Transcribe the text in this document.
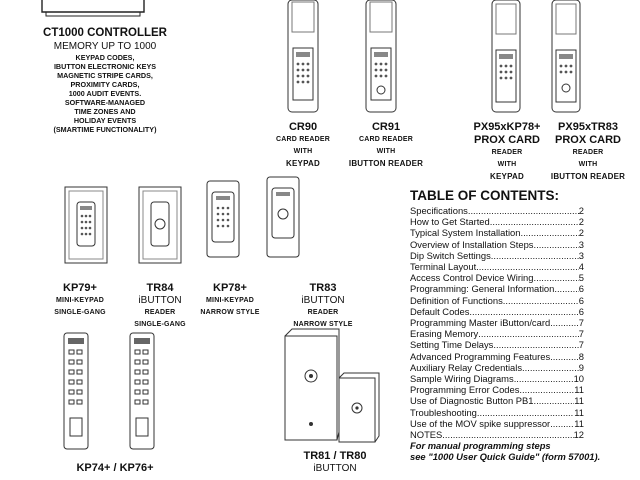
CT1000 CONTROLLER
MEMORY UP TO 1000
KEYPAD CODES,
IBUTTON ELECTRONIC KEYS
MAGNETIC STRIPE CARDS,
PROXIMITY CARDS,
1000 AUDIT EVENTS.
SOFTWARE-MANAGED
TIME ZONES AND
HOLIDAY EVENTS
(SMARTIME FUNCTIONALITY)	CR90
CARD READER
WITH
KEYPAD
CR91
CARD READER
WITH
IBUTTON READER
PX95xKP78+
PROX CARD
READER
WITH
KEYPAD
PX95xTR83
PROX CARD
READER
WITH
IBUTTON READER
KP79+
MINI-KEYPAD
SINGLE-GANG
TR84
iBUTTON
READER
SINGLE-GANG
KP78+
MINI-KEYPAD
NARROW STYLE
TR83
iBUTTON
READER
NARROW STYLE
KP74+ / KP76+
TR81 / TR80
iBUTTON
TABLE OF CONTENTS:
Specifications .....	2
How to Get Started .....	2
Typical System Installation .....	2
Overview of Installation Steps .....	3
Dip Switch Settings .....	3
Terminal Layout .....	4
Access Control Device Wiring .....	5
Programming: General Information .....	6
Definition of Functions .....	6
Default Codes .....	6
Programming Master iButton/card .....	7
Erasing Memory .....	7
Setting Time Delays .....	7
Advanced Programming Features .....	8
Auxiliary Relay Credentials .....	9
Sample Wiring Diagrams .....	10
Programming Error Codes .....	11
Use of Diagnostic Button PB1 .....	11
Troubleshooting .....	11
Use of the MOV spike suppressor .....	11
NOTES .....	12
For manual programming steps
see "1000 User Quick Guide" (form 57001).
